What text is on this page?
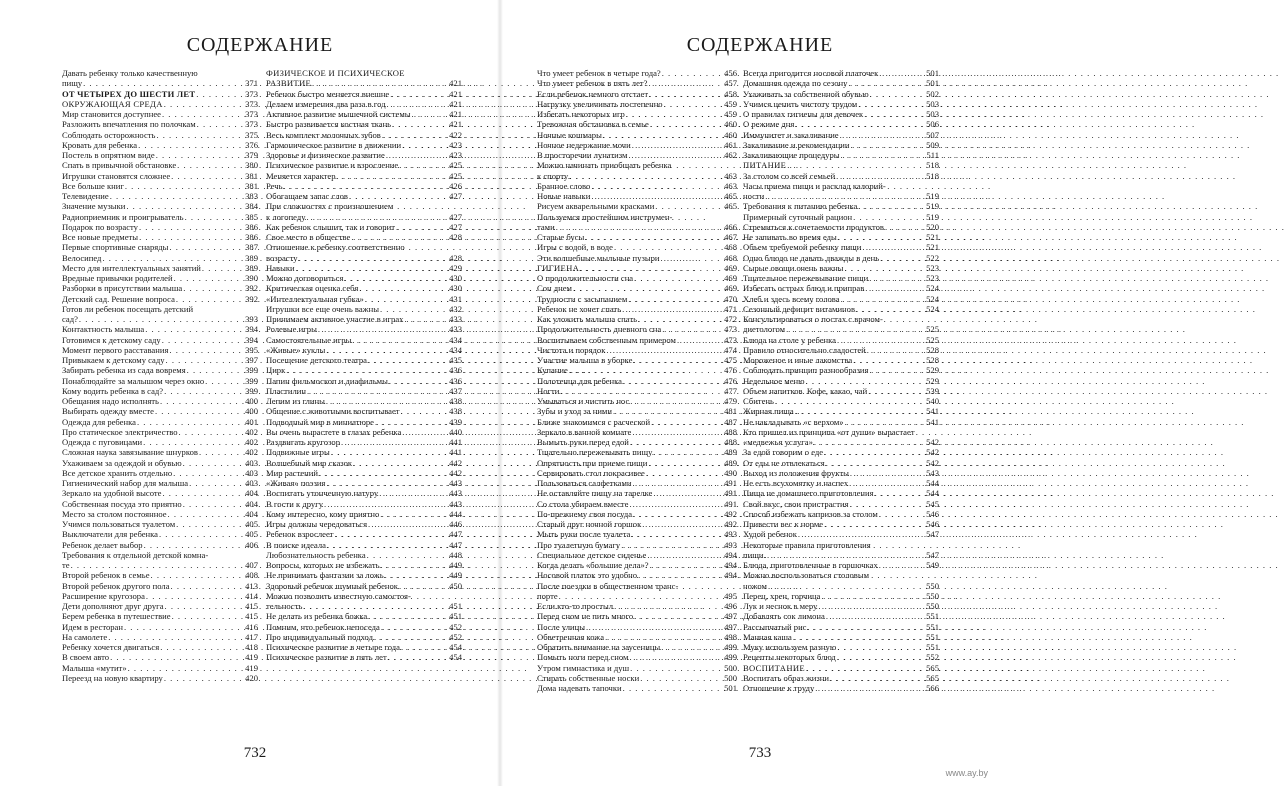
СОДЕРЖАНИЕ
Давать ребенку только качественную
пищу . . .	371
ОТ ЧЕТЫРЕХ ДО ШЕСТИ ЛЕТ . . .	373
ОКРУЖАЮЩАЯ СРЕДА . . .	373
Мир становится доступнее . . .	373
Разложить впечатления по полочкам . . .	373
Соблюдать осторожность . . .	375
Кровать для ребенка . . .	376
Постель в опрятном виде . . .	379
Спать в привычной обстановке . . .	380
Игрушки становятся сложнее . . .	381
Все больше книг . . .	381
Телевидение . . .	383
Значение музыки . . .	384
Радиоприемник и проигрыватель . . .	385
Подарок по возрасту . . .	386
Все новые предметы . . .	386
Первые спортивные снаряды . . .	387
Велосипед . . .	389
Место для интеллектуальных занятий . . .	389
Вредные привычки родителей . . .	390
Разборки в присутствии малыша . . .	392
Детский сад. Решение вопроса . . .	392
Готов ли ребенок посещать детский
сад? . . .	393
Контактность малыша . . .	394
Готовимся к детскому саду . . .	394
Момент первого расставания . . .	395
Привыкаем к детскому саду . . .	397
Забирать ребенка из сада вовремя . . .	399
Понаблюдайте за малышом через окно . . .	399
Кому водить ребенка в сад? . . .	399
Обещания надо исполнять . . .	400
Выбирать одежду вместе . . .	400
Одежда для ребенка . . .	401
Про статическое электричество . . .	402
Одежда с пуговицами . . .	402
Сложная наука завязывание шнурков . . .	402
Ухаживаем за одеждой и обувью . . .	403
Все детское хранить отдельно . . .	403
Гигиенический набор для малыша . . .	403
Зеркало на удобной высоте . . .	404
Собственная посуда это приятно . . .	404
Место за столом постоянное . . .	404
Учимся пользоваться туалетом . . .	405
Выключатели для ребенка . . .	405
Ребенок делает выбор . . .	406
Требования к отдельной детской комна-
те . . .	407
Второй ребенок в семье . . .	408
Второй ребенок другого пола . . .	413
Расширение кругозора . . .	414
Дети дополняют друг друга . . .	415
Берем ребенка в путешествие . . .	415
Идем в ресторан . . .	416
На самолете . . .	417
Ребенку хочется двигаться . . .	418
В своем авто . . .	419
Малыша «мутит» . . .	419
Переезд на новую квартиру . . .	420
ФИЗИЧЕСКОЕ И ПСИХИЧЕСКОЕ
РАЗВИТИЕ . . .	421
Ребенок быстро меняется внешне . . .	421
Делаем измерения два раза в год . . .	421
Активное развитие мышечной системы . . .	421
Быстро развивается костная ткань . . .	421
Весь комплект молочных зубов . . .	422
Гармоническое развитие в движении . . .	423
Здоровье и физическое развитие . . .	423
Психическое развитие и взросление . . .	425
Меняется характер . . .	425
Речь . . .	426
Обогащаем запас слов . . .	427
При сложностях с произношением
к логопеду . . .	427
Как ребенок слышит, так и говорит . . .	427
Свое место в обществе . . .	428
Отношение к ребенку соответственно
возрасту . . .	428
Навыки . . .	429
Можно договориться . . .	430
Критическая оценка себя . . .	430
«Интеллектуальная губка» . . .	431
Игрушки все еще очень важны . . .	432
Принимаем активное участие в играх . . .	433
Ролевые игры . . .	433
Самостоятельные игры . . .	434
«Живые» куклы . . .	434
Посещение детского театра . . .	435
Цирк . . .	436
Папин фильмоскоп и диафильмы . . .	436
Пластилин . . .	437
Лепим из глины . . .	438
Общение с животными воспитывает . . .	438
Подводный мир в миниатюре . . .	439
Вы очень вырастете в глазах ребенка . . .	440
Раздвигать кругозор . . .	441
Подвижные игры . . .	441
Волшебный мир сказок . . .	442
Мир растений . . .	442
«Живая» поэзия . . .	443
Воспитать утонченную натуру . . .	443
В гости к другу . . .	443
Кому интересно, кому приятно . . .	444
Игры должны чередоваться . . .	446
Ребенок взрослеет . . .	447
В поиске идеала . . .	447
Любознательность ребенка . . .	448
Вопросы, которых не избежать . . .	449
Не принимать фантазии за ложь . . .	449
Здоровый ребенок шумный ребенок . . .	450
Можно позволить известную самостоя-
тельность . . .	451
Не делать из ребенка божка . . .	451
Помним, что ребенок непоседа . . .	452
Про индивидуальный подход . . .	452
Психическое развитие в четыре года . . .	454
Психическое развитие в пять лет . . .	454
732
СОДЕРЖАНИЕ
Что умеет ребенок в четыре года? . . .	456
Что умеет ребенок в пять лет? . . .	457
Если ребенок немного отстает . . .	458
Нагрузку увеличивать постепенно . . .	459
Избегать некоторых игр . . .	459
Тревожная обстановка в семье . . .	460
Ночные кошмары . . .	460
Ночное недержание мочи . . .	461
В просторечии лунатизм . . .	462
Можно начинать приобщать ребенка
к спорту . . .	463
Бранное слово . . .	463
Новые навыки . . .	465
Рисуем акварельными красками . . .	465
Пользуемся простейшим инструмен-
тами . . .	466
Старые бусы . . .	467
Игры с водой, в воде . . .	468
Эти волшебные мыльные пузыри . . .	468
ГИГИЕНА . . .	469
О продолжительности сна . . .	469
Сон днем . . .	469
Трудности с засыпанием . . .	470
Ребенок не хочет спать . . .	471
Как уложить малыша спать . . .	472
Продолжительность дневного сна . . .	473
Воспитываем собственным примером . . .	473
Чистота и порядок . . .	474
Участие малыша в уборке . . .	475
Купание . . .	476
Полотенца для ребенка . . .	476
Ногти . . .	477
Умываться и чистить нос . . .	479
Зубы и уход за ними . . .	481
Ближе знакомимся с расческой . . .	487
Зеркало в ванной комнате . . .	488
Вымыть руки перед едой . . .	488
Тщательно пережевывать пищу . . .	489
Опрятность при приеме пищи . . .	489
Сервировать стол покрасивее . . .	490
Пользоваться салфетками . . .	491
Не оставляйте пищу на тарелке . . .	491
Со стола убираем вместе . . .	491
По-прежнему своя посуда . . .	492
Старый друг ночной горшок . . .	492
Мыть руки после туалета . . .	493
Про туалетную бумагу . . .	493
Специальное детское сиденье . . .	494
Когда делать «большие дела»? . . .	494
Носовой платок это удобно . . .	494
После поездки в общественном транс-
порте . . .	495
Если кто-то простыл . . .	496
Перед сном не пить много . . .	497
После улицы . . .	497
Обветренная кожа . . .	498
Обратить внимание на заусеницы . . .	499
Помыть ноги перед сном . . .	499
Утром гимнастика и душ . . .	500
Стирать собственные носки . . .	500
Дома надевать тапочки . . .	501
Всегда пригодится носовой платочек . . .	501
Домашняя одежда по сезону . . .	501
Ухаживать за собственной обувью . . .	502
Учимся ценить чистоту трудом . . .	503
О правилах гигиены для девочек . . .	503
О режиме дня . . .	506
Иммунитет и закаливание . . .	507
Закаливание и рекомендации . . .	509
Закаливающие процедуры . . .	511
ПИТАНИЕ . . .	518
За столом со всей семьей . . .	518
Часы приема пищи и расклад калорий-
ности . . .	519
Требования к питанию ребенка . . .	519
Примерный суточный рацион . . .	519
Стремиться к сочетаемости продуктов . . .	520
Не запивать во время еды . . .	521
Объем требуемой ребенку пищи . . .	521
Одно блюдо не давать дважды в день . . .	522
Сырые овощи очень важны . . .	523
Тщательное пережевывание пищи . . .	523
Избегать острых блюд и приправ . . .	524
Хлеб и здесь всему голова . . .	524
Сезонный дефицит витаминов . . .	524
Консультироваться о постах с врачом-
диетологом . . .	525
Блюда на столе у ребенка . . .	525
Правило относительно сладостей . . .	528
Мороженое и иные лакомства . . .	528
Соблюдать принцип разнообразия . . .	529
Недельное меню . . .	529
Объем напитков. Кофе, какао, чай . . .	539
Сбитень . . .	540
Жирная пища . . .	541
Не накладывать «с верхом» . . .	541
Кто пришел из принципа «от души» вырастает
«медвежья услуга» . . .	542
За едой говорим о еде . . .	542
От еды не отвлекаться . . .	542
Выход из положения фрукты . . .	543
Не есть всухомятку и наспех . . .	544
Пища не домашнего приготовления . . .	544
Свой вкус, свои пристрастия . . .	545
Способ избежать капризов за столом . . .	546
Привести вес к норме . . .	546
Худой ребенок . . .	547
Некоторые правила приготовления
пищи . . .	547
Блюда, приготовленные в горшочках . . .	549
Можно воспользоваться столовым
ножом . . .	550
Перец, хрен, горчица . . .	550
Лук и чеснок в меру . . .	550
Добавлять сок лимона . . .	551
Рассыпчатый рис . . .	551
Манная каша . . .	551
Муку используем разную . . .	551
Рецепты некоторых блюд . . .	552
ВОСПИТАНИЕ . . .	565
Воспитать образ жизни . . .	565
Отношение к труду . . .	566
733
www.ay.by
